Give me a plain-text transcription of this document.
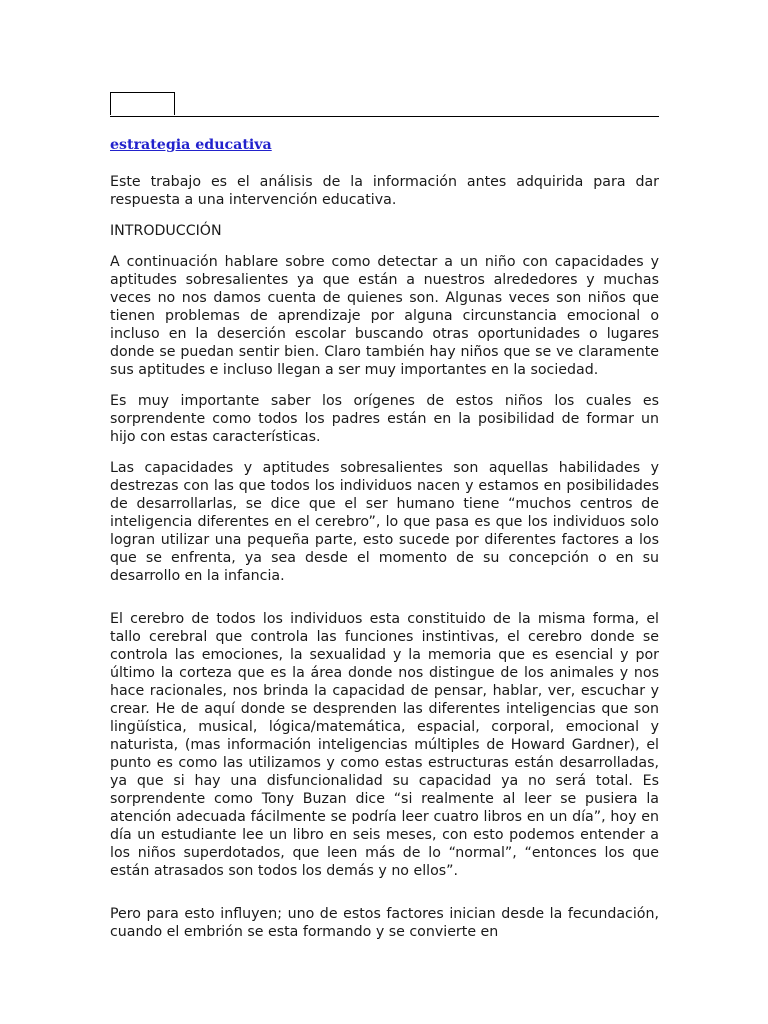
estrategia educativa

Este trabajo es el análisis de la información antes adquirida para dar respuesta a una intervención educativa.

INTRODUCCIÓN

A continuación hablare sobre como detectar a un niño con capacidades y aptitudes sobresalientes ya que están a nuestros alrededores y muchas veces no nos damos cuenta de quienes son. Algunas veces son niños que tienen problemas de aprendizaje por alguna circunstancia emocional o incluso en la deserción escolar buscando otras oportunidades o lugares donde se puedan sentir bien. Claro también hay niños que se ve claramente sus aptitudes e incluso llegan a ser muy importantes en la sociedad.

Es muy importante saber los orígenes de estos niños los cuales es sorprendente como todos los padres están en la posibilidad de formar un hijo con estas características.

Las capacidades y aptitudes sobresalientes son aquellas habilidades y destrezas con las que todos los individuos nacen y estamos en posibilidades de desarrollarlas, se dice que el ser humano tiene “muchos centros de inteligencia diferentes en el cerebro”, lo que pasa es que los individuos solo logran utilizar una pequeña parte, esto sucede por diferentes factores a los que se enfrenta, ya sea desde el momento de su concepción o en su desarrollo en la infancia.

El cerebro de todos los individuos esta constituido de la misma forma, el tallo cerebral que controla las funciones instintivas, el cerebro donde se controla las emociones, la sexualidad y la memoria que es esencial y por último la corteza que es la área donde nos distingue de los animales y nos hace racionales, nos brinda la capacidad de pensar, hablar, ver, escuchar y crear. He de aquí donde se desprenden las diferentes inteligencias que son lingüística, musical, lógica/matemática, espacial, corporal, emocional y naturista, (mas información inteligencias múltiples de Howard Gardner), el punto es como las utilizamos y como estas estructuras están desarrolladas, ya que si hay una disfuncionalidad su capacidad ya no será total. Es sorprendente como Tony Buzan dice “si realmente al leer se pusiera la atención adecuada fácilmente se podría leer cuatro libros en un día”, hoy en día un estudiante lee un libro en seis meses, con esto podemos entender a los niños superdotados, que leen más de lo “normal”, “entonces los que están atrasados son todos los demás y no ellos”.

Pero para esto influyen; uno de estos factores inician desde la fecundación, cuando el embrión se esta formando y se convierte en
